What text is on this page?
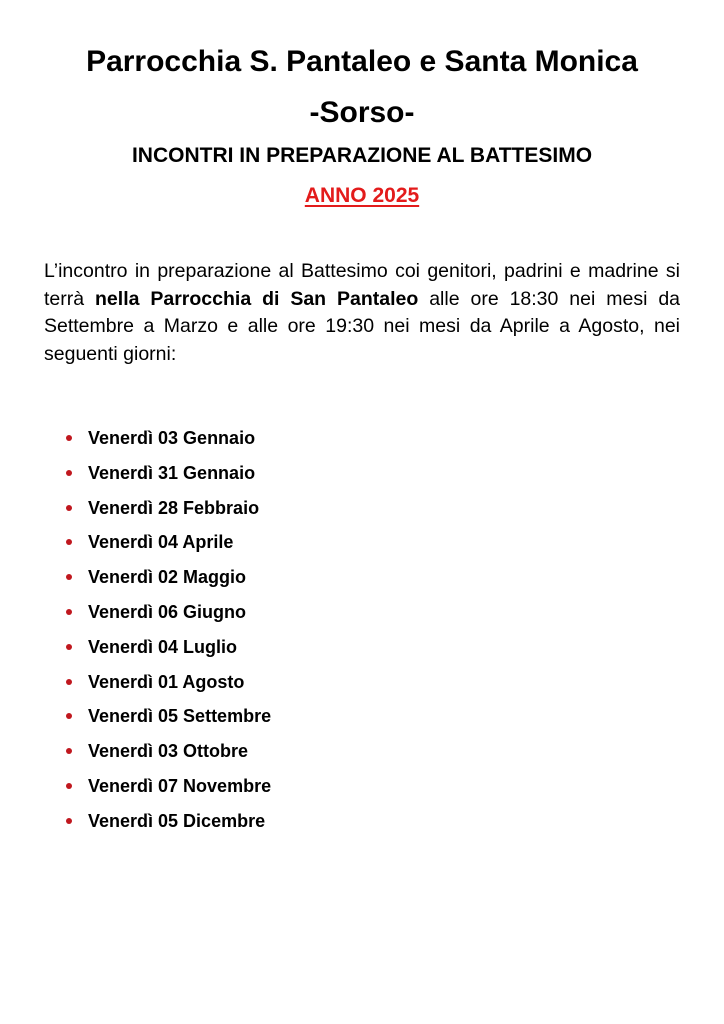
Parrocchia S. Pantaleo e Santa Monica
-Sorso-
INCONTRI IN PREPARAZIONE AL BATTESIMO
ANNO 2025

L’incontro in preparazione al Battesimo coi genitori, padrini e madrine si terrà nella Parrocchia di San Pantaleo alle ore 18:30 nei mesi da Settembre a Marzo e alle ore 19:30 nei mesi da Aprile a Agosto, nei seguenti giorni:

Venerdì 03 Gennaio
Venerdì 31 Gennaio
Venerdì 28 Febbraio
Venerdì 04 Aprile
Venerdì 02 Maggio
Venerdì 06 Giugno
Venerdì 04 Luglio
Venerdì 01 Agosto
Venerdì 05 Settembre
Venerdì 03 Ottobre
Venerdì 07 Novembre
Venerdì 05 Dicembre
